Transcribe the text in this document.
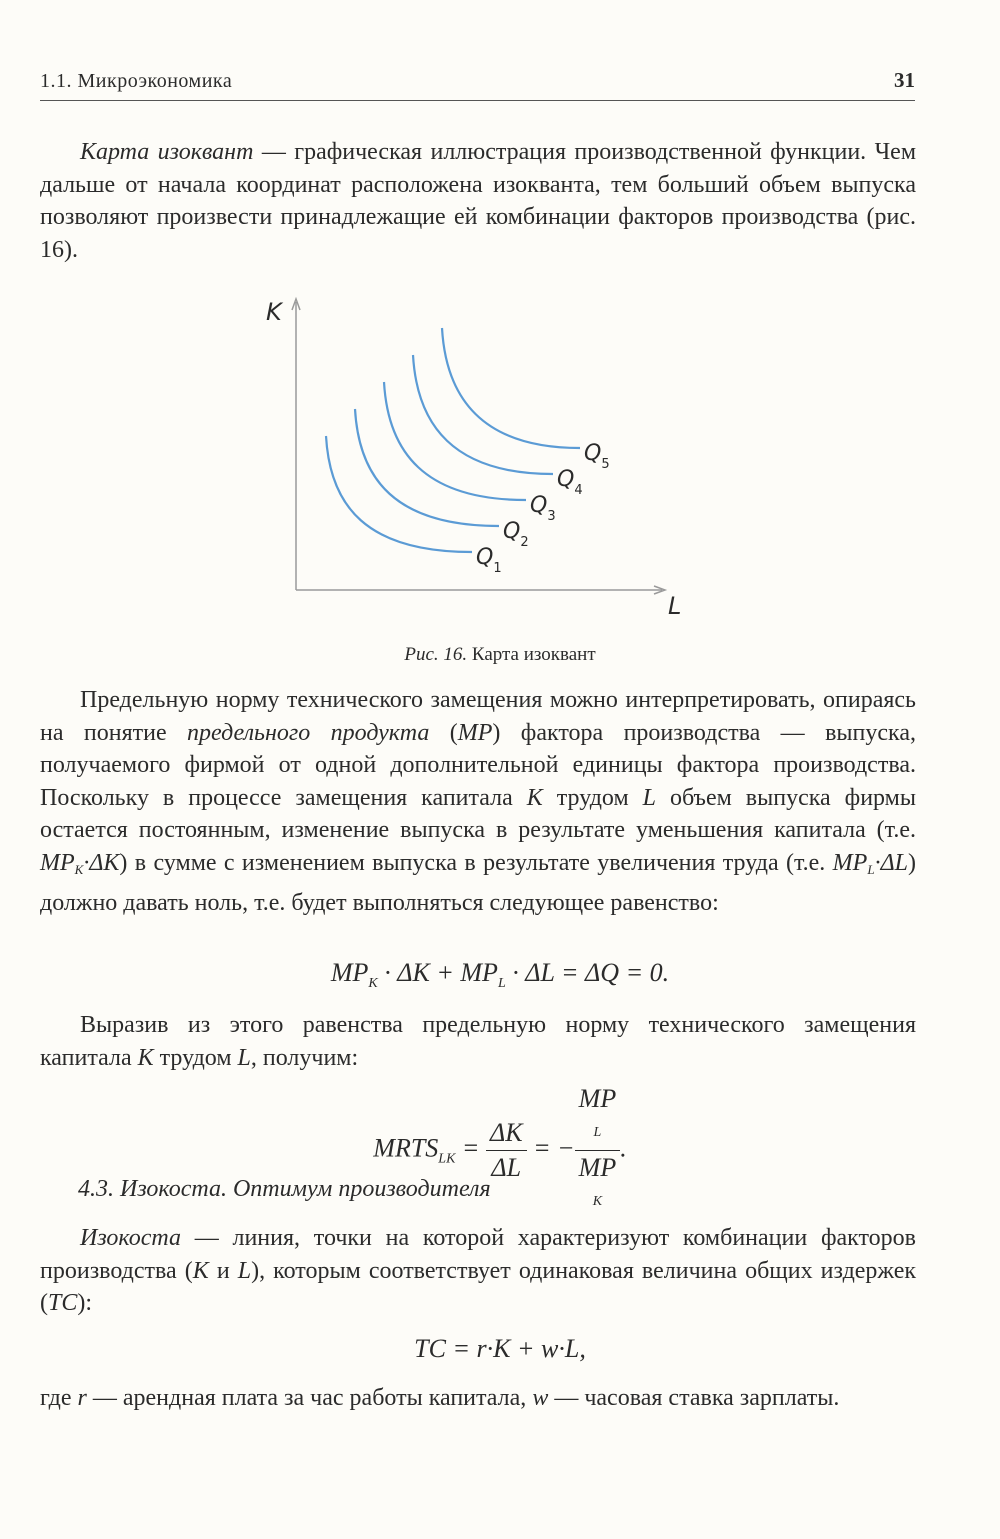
1.1. Микроэкономика	31

Карта изоквант — графическая иллюстрация производственной функции. Чем дальше от начала координат расположена изокванта, тем больший объем выпуска позволяют произвести принадлежащие ей комбинации факторов производства (рис. 16).

K
L
$Q_1$
$Q_2$
$Q_3$
$Q_4$
$Q_5$
Рис. 16. Карта изоквант

Предельную норму технического замещения можно интерпретировать, опираясь на понятие предельного продукта (MP) фактора производства — выпуска, получаемого фирмой от одной дополнительной единицы фактора производства. Поскольку в процессе замещения капитала K трудом L объем выпуска фирмы остается постоянным, изменение выпуска в результате уменьшения капитала (т.е. $MP_K\cdot\Delta K$) в сумме с изменением выпуска в результате увеличения труда (т.е. $MP_L\cdot\Delta L$) должно давать ноль, т.е. будет выполняться следующее равенство:

$MP_K \cdot \Delta K + MP_L \cdot \Delta L = \Delta Q = 0$.

Выразив из этого равенства предельную норму технического замещения капитала K трудом L, получим:

$MRTS_{LK} = \frac{\Delta K}{\Delta L}$ = − MP
L
MP
K .
4.3. Изокоста. Оптимум производителя

Изокоста — линия, точки на которой характеризуют комбинации факторов производства (K и L), которым соответствует одинаковая величина общих издержек (TC):

TC = r·K + w·L,

где r — арендная плата за час работы капитала, w — часовая ставка зарплаты.
